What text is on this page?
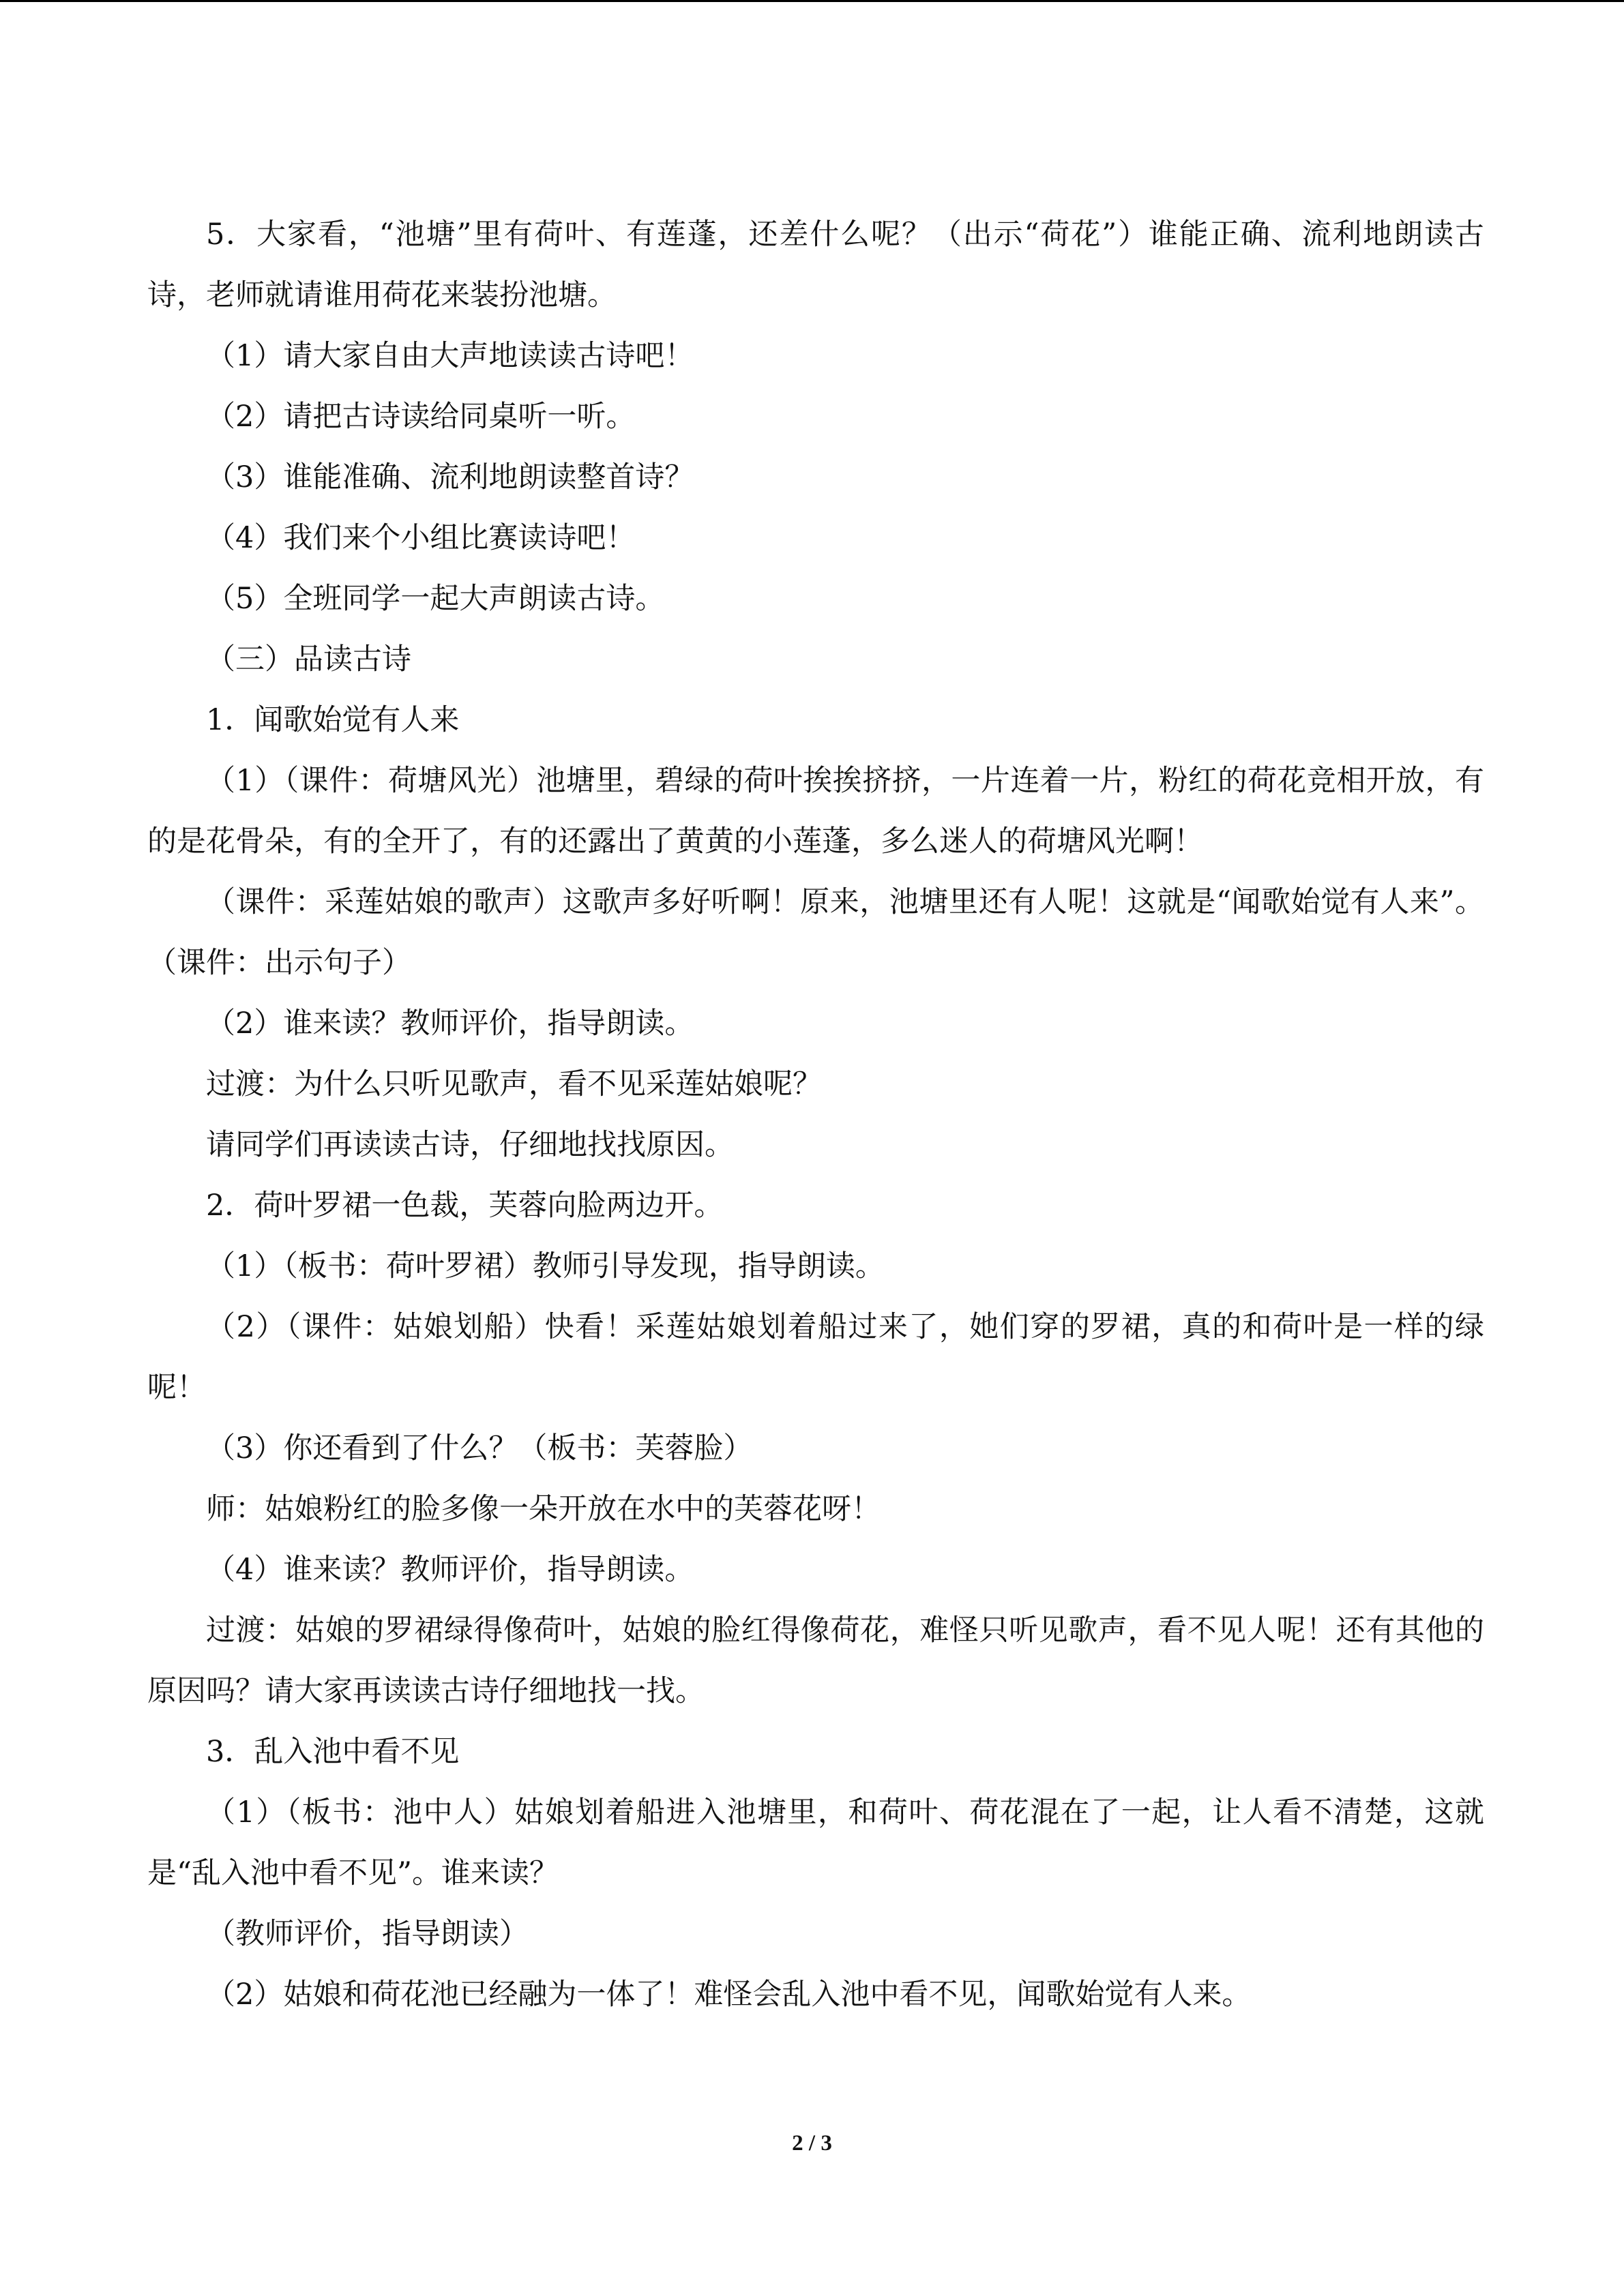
5．大家看，“池塘”里有荷叶、有莲蓬，还差什么呢？（出示“荷花”）谁能正确、流利地朗读古诗，老师就请谁用荷花来装扮池塘。

（1）请大家自由大声地读读古诗吧！

（2）请把古诗读给同桌听一听。

（3）谁能准确、流利地朗读整首诗？

（4）我们来个小组比赛读诗吧！

（5）全班同学一起大声朗读古诗。

（三）品读古诗

1．闻歌始觉有人来

（1）（课件：荷塘风光）池塘里，碧绿的荷叶挨挨挤挤，一片连着一片，粉红的荷花竞相开放，有的是花骨朵，有的全开了，有的还露出了黄黄的小莲蓬，多么迷人的荷塘风光啊！

（课件：采莲姑娘的歌声）这歌声多好听啊！原来，池塘里还有人呢！这就是“闻歌始觉有人来”。（课件：出示句子）

（2）谁来读？教师评价，指导朗读。

过渡：为什么只听见歌声，看不见采莲姑娘呢？

请同学们再读读古诗，仔细地找找原因。

2．荷叶罗裙一色裁，芙蓉向脸两边开。

（1）（板书：荷叶罗裙）教师引导发现，指导朗读。

（2）（课件：姑娘划船）快看！采莲姑娘划着船过来了，她们穿的罗裙，真的和荷叶是一样的绿呢！

（3）你还看到了什么？（板书：芙蓉脸）

师：姑娘粉红的脸多像一朵开放在水中的芙蓉花呀！

（4）谁来读？教师评价，指导朗读。

过渡：姑娘的罗裙绿得像荷叶，姑娘的脸红得像荷花，难怪只听见歌声，看不见人呢！还有其他的原因吗？请大家再读读古诗仔细地找一找。

3．乱入池中看不见

（1）（板书：池中人）姑娘划着船进入池塘里，和荷叶、荷花混在了一起，让人看不清楚，这就是“乱入池中看不见”。谁来读？

（教师评价，指导朗读）

（2）姑娘和荷花池已经融为一体了！难怪会乱入池中看不见，闻歌始觉有人来。

2 / 3
